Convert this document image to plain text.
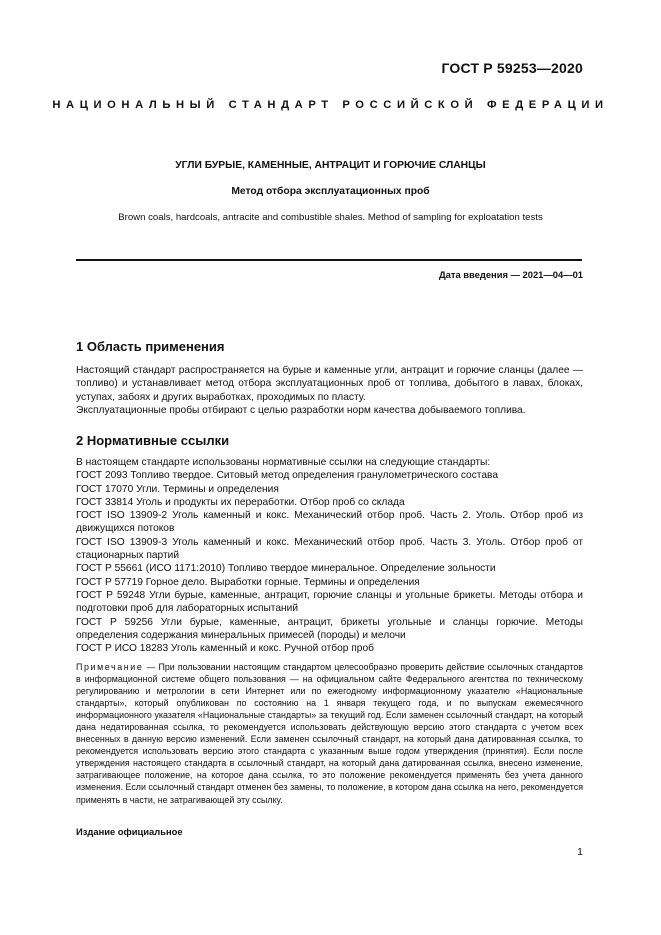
ГОСТ Р 59253—2020
НАЦИОНАЛЬНЫЙ СТАНДАРТ РОССИЙСКОЙ ФЕДЕРАЦИИ
УГЛИ БУРЫЕ, КАМЕННЫЕ, АНТРАЦИТ И ГОРЮЧИЕ СЛАНЦЫ
Метод отбора эксплуатационных проб
Brown coals, hardcoals, antracite and combustible shales. Method of sampling for exploatation tests
Дата введения — 2021—04—01
1 Область применения

Настоящий стандарт распространяется на бурые и каменные угли, антрацит и горючие сланцы (далее — топливо) и устанавливает метод отбора эксплуатационных проб от топлива, добытого в лавах, блоках, уступах, забоях и других выработках, проходимых по пласту.

Эксплуатационные пробы отбирают с целью разработки норм качества добываемого топлива.

2 Нормативные ссылки

В настоящем стандарте использованы нормативные ссылки на следующие стандарты:

ГОСТ 2093 Топливо твердое. Ситовый метод определения гранулометрического состава

ГОСТ 17070 Угли. Термины и определения

ГОСТ 33814 Уголь и продукты их переработки. Отбор проб со склада

ГОСТ ISO 13909-2 Уголь каменный и кокс. Механический отбор проб. Часть 2. Уголь. Отбор проб из движущихся потоков

ГОСТ ISO 13909-3 Уголь каменный и кокс. Механический отбор проб. Часть 3. Уголь. Отбор проб от стационарных партий

ГОСТ Р 55661 (ИСО 1171:2010) Топливо твердое минеральное. Определение зольности

ГОСТ Р 57719 Горное дело. Выработки горные. Термины и определения

ГОСТ Р 59248 Угли бурые, каменные, антрацит, горючие сланцы и угольные брикеты. Методы отбора и подготовки проб для лабораторных испытаний

ГОСТ Р 59256 Угли бурые, каменные, антрацит, брикеты угольные и сланцы горючие. Методы определения содержания минеральных примесей (породы) и мелочи

ГОСТ Р ИСО 18283 Уголь каменный и кокс. Ручной отбор проб

Примечание — При пользовании настоящим стандартом целесообразно проверить действие ссылочных стандартов в информационной системе общего пользования — на официальном сайте Федерального агентства по техническому регулированию и метрологии в сети Интернет или по ежегодному информационному указателю «Национальные стандарты», который опубликован по состоянию на 1 января текущего года, и по выпускам ежемесячного информационного указателя «Национальные стандарты» за текущий год. Если заменен ссылочный стандарт, на который дана недатированная ссылка, то рекомендуется использовать действующую версию этого стандарта с учетом всех внесенных в данную версию изменений. Если заменен ссылочный стандарт, на который дана датированная ссылка, то рекомендуется использовать версию этого стандарта с указанным выше годом утверждения (принятия). Если после утверждения настоящего стандарта в ссылочный стандарт, на который дана датированная ссылка, внесено изменение, затрагивающее положение, на которое дана ссылка, то это положение рекомендуется применять без учета данного изменения. Если ссылочный стандарт отменен без замены, то положение, в котором дана ссылка на него, рекомендуется применять в части, не затрагивающей эту ссылку.
Издание официальное
1
